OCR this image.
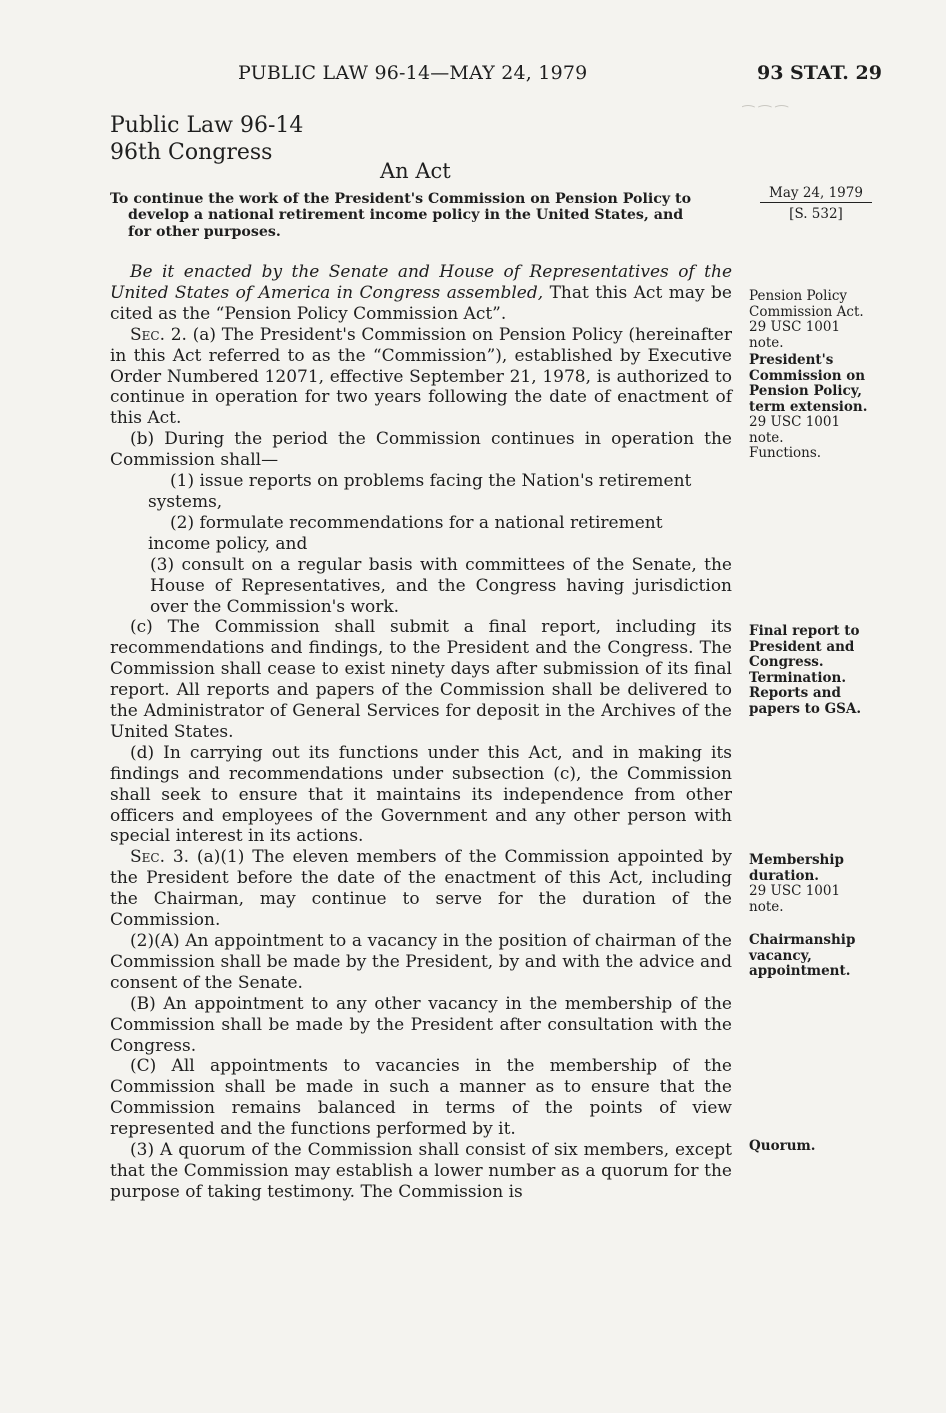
⁀ ⁀ ⁀
PUBLIC LAW 96-14—MAY 24, 1979	93 STAT. 29
Public Law 96-14
96th Congress
An Act
To continue the work of the President's Commission on Pension Policy to
develop a national retirement income policy in the United States, and
for other purposes.
May 24, 1979
[S. 532]

Be it enacted by the Senate and House of Representatives of the United States of America in Congress assembled, That this Act may be cited as the “Pension Policy Commission Act”.

Sec. 2. (a) The President's Commission on Pension Policy (hereinafter in this Act referred to as the “Commission”), established by Executive Order Numbered 12071, effective September 21, 1978, is authorized to continue in operation for two years following the date of enactment of this Act.

(b) During the period the Commission continues in operation the Commission shall—

(1) issue reports on problems facing the Nation's retirement
systems,

(2) formulate recommendations for a national retirement
income policy, and

(3) consult on a regular basis with committees of the Senate, the House of Representatives, and the Congress having jurisdiction over the Commission's work.

(c) The Commission shall submit a final report, including its recommendations and findings, to the President and the Congress. The Commission shall cease to exist ninety days after submission of its final report. All reports and papers of the Commission shall be delivered to the Administrator of General Services for deposit in the Archives of the United States.

(d) In carrying out its functions under this Act, and in making its findings and recommendations under subsection (c), the Commission shall seek to ensure that it maintains its independence from other officers and employees of the Government and any other person with special interest in its actions.

Sec. 3. (a)(1) The eleven members of the Commission appointed by the President before the date of the enactment of this Act, including the Chairman, may continue to serve for the duration of the Commission.

(2)(A) An appointment to a vacancy in the position of chairman of the Commission shall be made by the President, by and with the advice and consent of the Senate.

(B) An appointment to any other vacancy in the membership of the Commission shall be made by the President after consultation with the Congress.

(C) All appointments to vacancies in the membership of the Commission shall be made in such a manner as to ensure that the Commission remains balanced in terms of the points of view represented and the functions performed by it.

(3) A quorum of the Commission shall consist of six members, except that the Commission may establish a lower number as a quorum for the purpose of taking testimony. The Commission is

Pension Policy Commission Act.
29 USC 1001 note.
President's Commission on Pension Policy, term extension.
29 USC 1001 note.
Functions.
Final report to President and Congress.
Termination.
Reports and papers to GSA.
Membership duration.
29 USC 1001 note.
Chairmanship vacancy, appointment.
Quorum.
